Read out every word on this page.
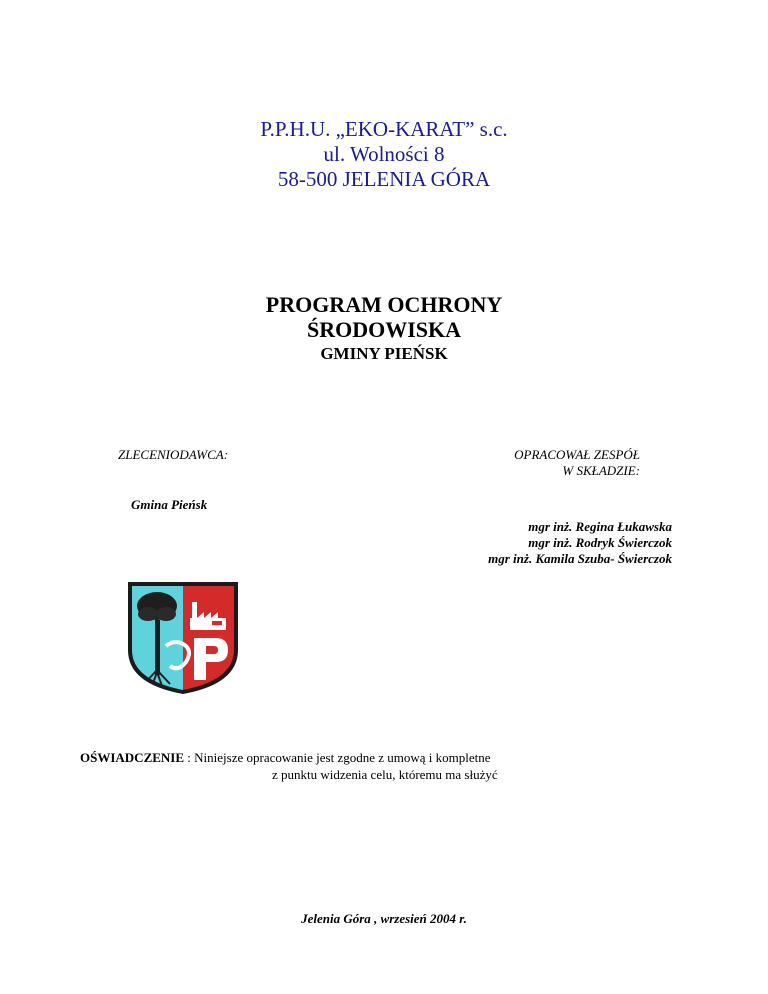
P.P.H.U. „EKO-KARAT” s.c.
ul. Wolności 8
58-500 JELENIA GÓRA
PROGRAM OCHRONY
ŚRODOWISKA
GMINY PIEŃSK
ZLECENIODAWCA:	OPRACOWAŁ ZESPÓŁ
W SKŁADZIE:
Gmina Pieńsk
mgr inż. Regina Łukawska
mgr inż. Rodryk Świerczok
mgr inż. Kamila Szuba- Świerczok
OŚWIADCZENIE : Niniejsze opracowanie jest zgodne z umową i kompletne
z punktu widzenia celu, któremu ma służyć
Jelenia Góra , wrzesień 2004 r.
